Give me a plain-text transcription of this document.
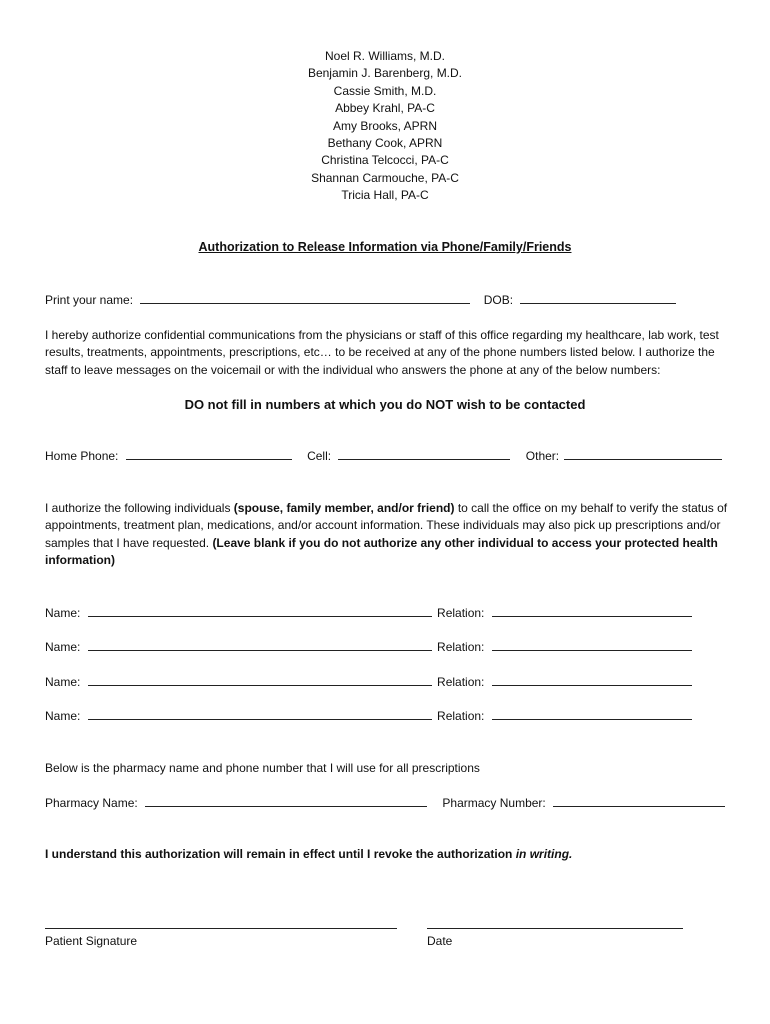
Noel R. Williams, M.D.
Benjamin J. Barenberg, M.D.
Cassie Smith, M.D.
Abbey Krahl, PA-C
Amy Brooks, APRN
Bethany Cook, APRN
Christina Telcocci, PA-C
Shannan Carmouche, PA-C
Tricia Hall, PA-C
Authorization to Release Information via Phone/Family/Friends
Print your name:	DOB:
I hereby authorize confidential communications from the physicians or staff of this office regarding my healthcare, lab work, test results, treatments, appointments, prescriptions, etc… to be received at any of the phone numbers listed below. I authorize the staff to leave messages on the voicemail or with the individual who answers the phone at any of the below numbers:
DO not fill in numbers at which you do NOT wish to be contacted
Home Phone:	Cell:	Other:
I authorize the following individuals (spouse, family member, and/or friend) to call the office on my behalf to verify the status of appointments, treatment plan, medications, and/or account information. These individuals may also pick up prescriptions and/or samples that I have requested. (Leave blank if you do not authorize any other individual to access your protected health information)
Name:	Relation:
Name:	Relation:
Name:	Relation:
Name:	Relation:
Below is the pharmacy name and phone number that I will use for all prescriptions
Pharmacy Name:	Pharmacy Number:
I understand this authorization will remain in effect until I revoke the authorization in writing.
Patient Signature	Date
